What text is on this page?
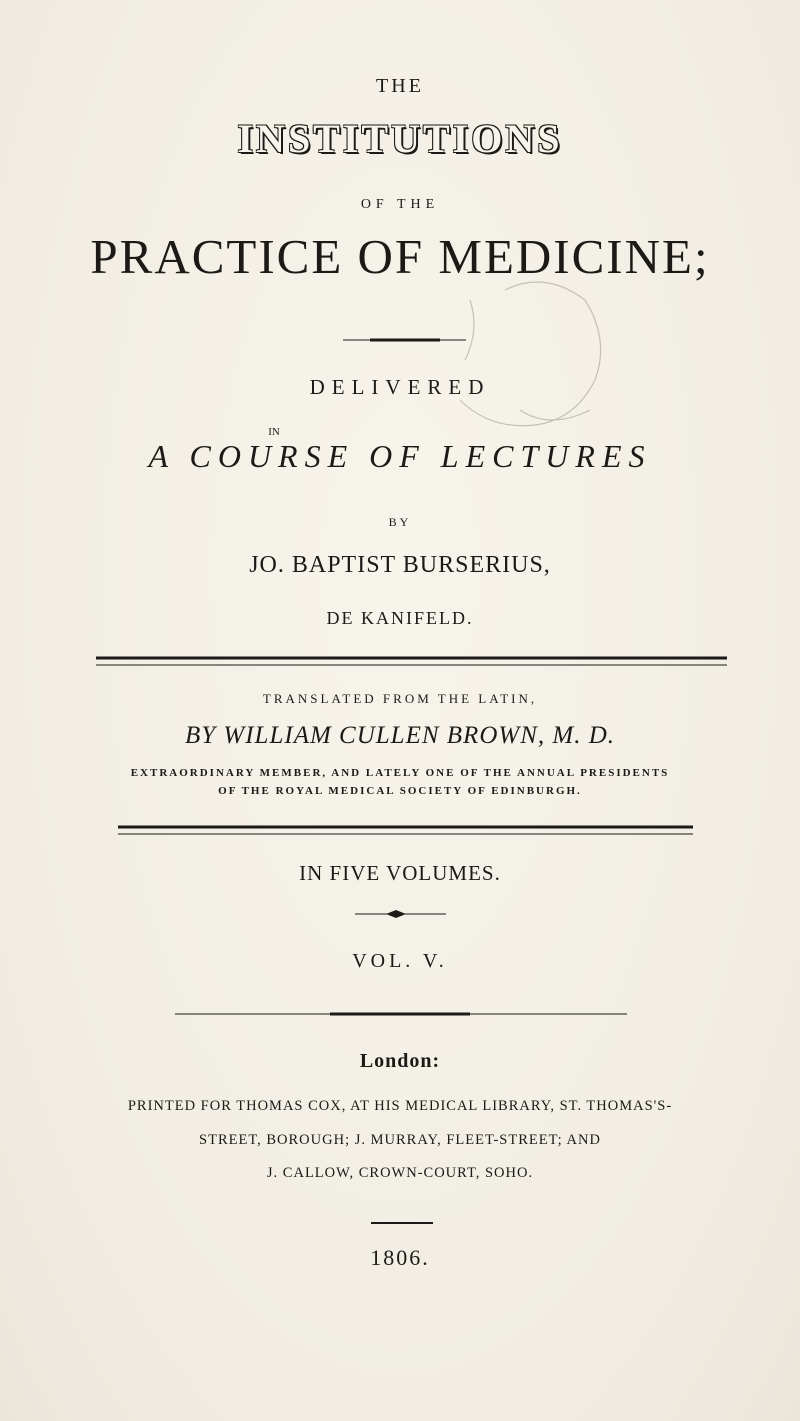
THE
INSTITUTIONS
OF THE
PRACTICE OF MEDICINE;
DELIVERED
IN
A COURSE OF LECTURES
BY
JO. BAPTIST BURSERIUS,
DE KANIFELD.
TRANSLATED FROM THE LATIN,
BY WILLIAM CULLEN BROWN, M. D.
EXTRAORDINARY MEMBER, AND LATELY ONE OF THE ANNUAL PRESIDENTS
OF THE ROYAL MEDICAL SOCIETY OF EDINBURGH.
IN FIVE VOLUMES.
VOL. V.
London:
PRINTED FOR THOMAS COX, AT HIS MEDICAL LIBRARY, ST. THOMAS'S-
STREET, BOROUGH; J. MURRAY, FLEET-STREET; AND
J. CALLOW, CROWN-COURT, SOHO.
1806.
